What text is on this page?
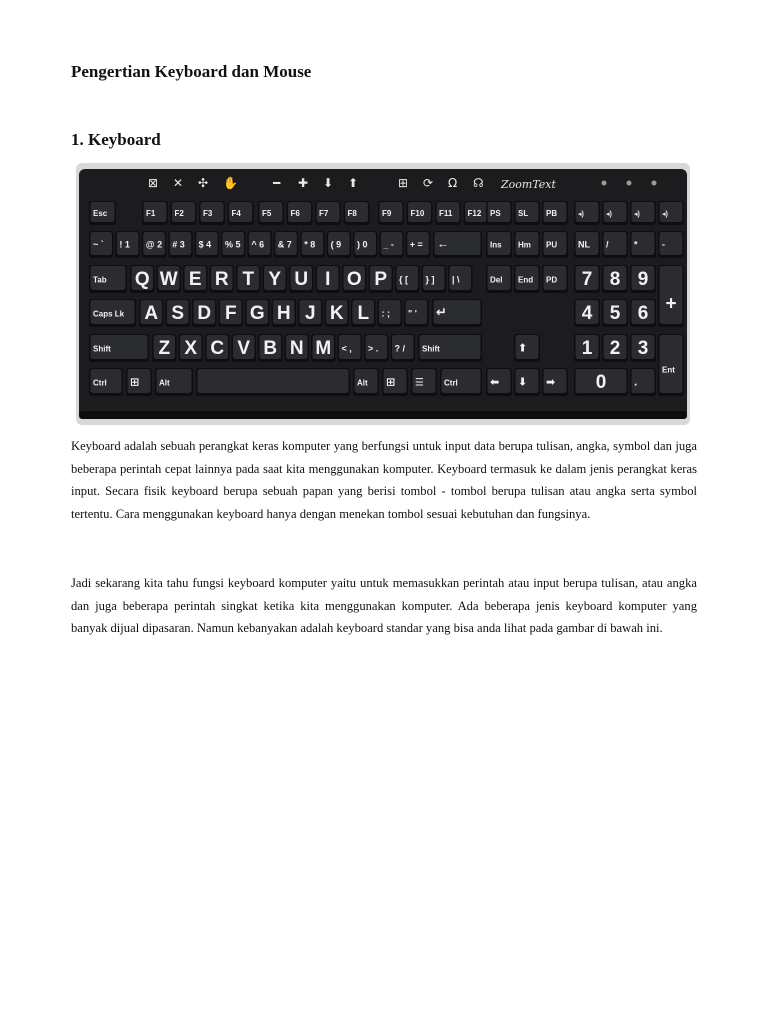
Pengertian Keyboard dan Mouse
1. Keyboard
⊠ ✕ ✣ ✋	━ ✚ ⬇ ⬆	⊞ ⟳ Ω ☊ ZoomText
Esc	F1 F2 F3 F4	F5 F6 F7 F8	F9 F10 F11 F12 PS SL PB	◂)	◂)	◂)	◂)
~ ` ! 1 @ 2 # 3 $ 4 % 5 ^ 6 & 7 * 8 ( 9 ) 0 _ - + = ←	Ins Hm PU NL /	*	-
Tab Q W E R T Y U I O P { [ } ] | \	Del End PD 7 8 9
+
Caps Lk A S D F G H J K L : ; " ' ↵	4 5 6
Shift	Z X C V B N M < , > . ? / Shift	⬆	1 2 3
Ent
Ctrl ⊞ Alt	Alt ⊞ ☰	Ctrl	⬅ ⬇ ➡ 0 .

Keyboard adalah sebuah perangkat keras komputer yang berfungsi untuk input data berupa tulisan, angka, symbol dan juga beberapa perintah cepat lainnya pada saat kita menggunakan komputer. Keyboard termasuk ke dalam jenis perangkat keras input. Secara fisik keyboard berupa sebuah papan yang berisi tombol - tombol berupa tulisan atau angka serta symbol tertentu. Cara menggunakan keyboard hanya dengan menekan tombol sesuai kebutuhan dan fungsinya.

Jadi sekarang kita tahu fungsi keyboard komputer yaitu untuk memasukkan perintah atau input berupa tulisan, atau angka dan juga beberapa perintah singkat ketika kita menggunakan komputer. Ada beberapa jenis keyboard komputer yang banyak dijual dipasaran. Namun kebanyakan adalah keyboard standar yang bisa anda lihat pada gambar di bawah ini.
